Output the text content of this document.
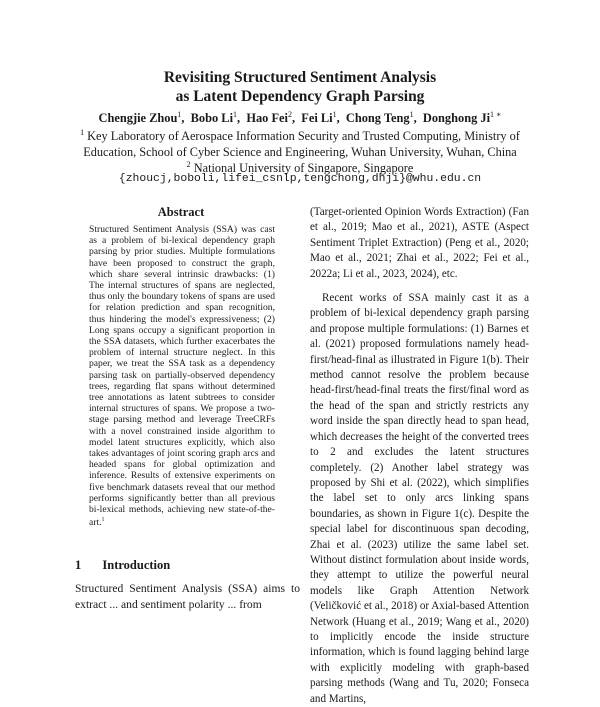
Revisiting Structured Sentiment Analysis
as Latent Dependency Graph Parsing
Chengjie Zhou$^1$,  Bobo Li$^1$,  Hao Fei$^2$,  Fei Li$^1$,  Chong Teng$^1$,  Donghong $Ji^{1 ∗}$
$^1$ Key Laboratory of Aerospace Information Security and Trusted Computing, Ministry of
Education, School of Cyber Science and Engineering, Wuhan University, Wuhan, China
$^2$ National University of Singapore, Singapore
{zhoucj,boboli,lifei_csnlp,tengchong,dhji}@whu.edu.cn
Abstract
Structured Sentiment Analysis (SSA) was cast as a problem of bi-lexical dependency graph parsing by prior studies. Multiple formulations have been proposed to construct the graph, which share several intrinsic drawbacks: (1) The internal structures of spans are neglected, thus only the boundary tokens of spans are used for relation prediction and span recognition, thus hindering the model's expressiveness; (2) Long spans occupy a significant proportion in the SSA datasets, which further exacerbates the problem of internal structure neglect. In this paper, we treat the SSA task as a dependency parsing task on partially-observed dependency trees, regarding flat spans without determined tree annotations as latent subtrees to consider internal structures of spans. We propose a two-stage parsing method and leverage TreeCRFs with a novel constrained inside algorithm to model latent structures explicitly, which also takes advantages of joint scoring graph arcs and headed spans for global optimization and inference. Results of extensive experiments on five benchmark datasets reveal that our method performs significantly better than all previous bi-lexical methods, achieving new state-of-the-art.$^1$
1 Introduction
Structured Sentiment Analysis (SSA) aims to extract ... and sentiment polarity ... from

(Target-oriented Opinion Words Extraction) (Fan et al., 2019; Mao et al., 2021), ASTE (Aspect Sentiment Triplet Extraction) (Peng et al., 2020; Mao et al., 2021; Zhai et al., 2022; Fei et al., 2022a; Li et al., 2023, 2024), etc.

Recent works of SSA mainly cast it as a problem of bi-lexical dependency graph parsing and propose multiple formulations: (1) Barnes et al. (2021) proposed formulations namely head-first/head-final as illustrated in Figure 1(b). Their method cannot resolve the problem because head-first/head-final treats the first/final word as the head of the span and strictly restricts any word inside the span directly head to span head, which decreases the height of the converted trees to 2 and excludes the latent structures completely. (2) Another label strategy was proposed by Shi et al. (2022), which simplifies the label set to only arcs linking spans boundaries, as shown in Figure 1(c). Despite the special label for discontinuous span decoding, Zhai et al. (2023) utilize the same label set. Without distinct formulation about inside words, they attempt to utilize the powerful neural models like Graph Attention Network (Veličković et al., 2018) or Axial-based Attention Network (Huang et al., 2019; Wang et al., 2020) to implicitly encode the inside structure information, which is found lagging behind large with explicitly modeling with graph-based parsing methods (Wang and Tu, 2020; Fonseca and Martins,
